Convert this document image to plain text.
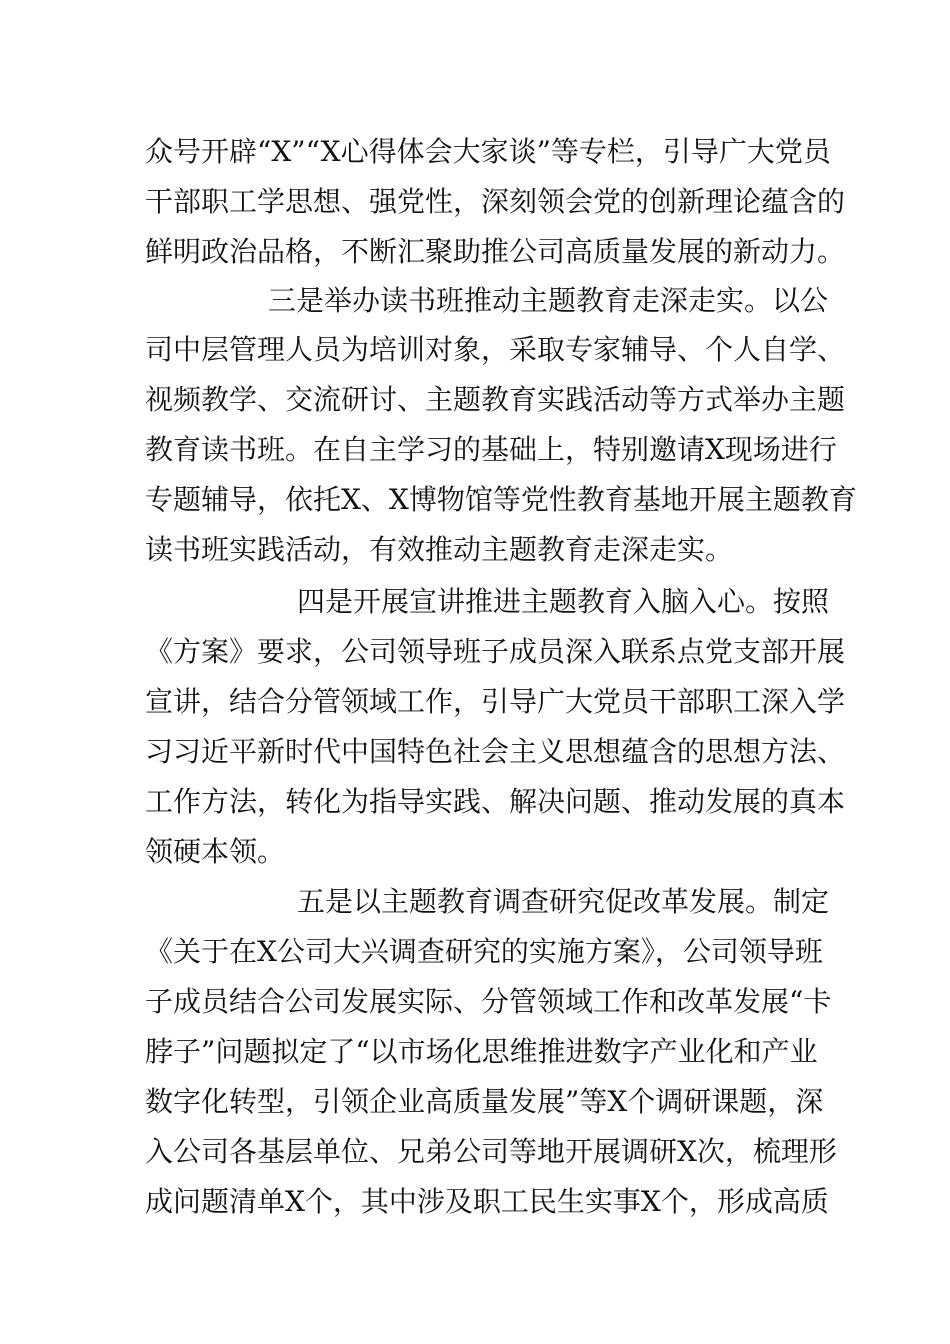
众号开辟“X”“X心得体会大家谈”等专栏，引导广大党员
干部职工学思想、强党性，深刻领会党的创新理论蕴含的
鲜明政治品格，不断汇聚助推公司高质量发展的新动力。
三是举办读书班推动主题教育走深走实。以公
司中层管理人员为培训对象，采取专家辅导、个人自学、
视频教学、交流研讨、主题教育实践活动等方式举办主题
教育读书班。在自主学习的基础上，特别邀请X现场进行
专题辅导，依托X、X博物馆等党性教育基地开展主题教育
读书班实践活动，有效推动主题教育走深走实。
四是开展宣讲推进主题教育入脑入心。按照
《方案》要求，公司领导班子成员深入联系点党支部开展
宣讲，结合分管领域工作，引导广大党员干部职工深入学
习习近平新时代中国特色社会主义思想蕴含的思想方法、
工作方法，转化为指导实践、解决问题、推动发展的真本
领硬本领。
五是以主题教育调查研究促改革发展。制定
《关于在X公司大兴调查研究的实施方案》，公司领导班
子成员结合公司发展实际、分管领域工作和改革发展“卡
脖子”问题拟定了“以市场化思维推进数字产业化和产业
数字化转型，引领企业高质量发展”等X个调研课题，深
入公司各基层单位、兄弟公司等地开展调研X次，梳理形
成问题清单X个，其中涉及职工民生实事X个，形成高质
